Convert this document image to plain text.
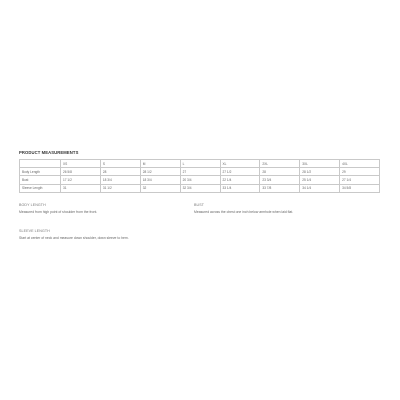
PRODUCT MEASUREMENTS
	XS	S	M	L	XL	2XL	3XL	4XL
Body Length	26 5/8	28	28 1/2	27	27 1/2	28	28 1/2	29
Bust	17 1/2	18 3/4	18 3/4	20 3/4	22 1/4	23 3/4	25 1/4	27 1/4
Sleeve Length	31	31 1/2	32	32 3/4	33 1/4	33 7/8	34 1/4	34 5/8
BODY LENGTH
Measured from high point of shoulder from the front.
BUST
Measured across the chest one inch below armhole when laid flat.
SLEEVE LENGTH
Start at center of neck and measure down shoulder, down sleeve to hem.
